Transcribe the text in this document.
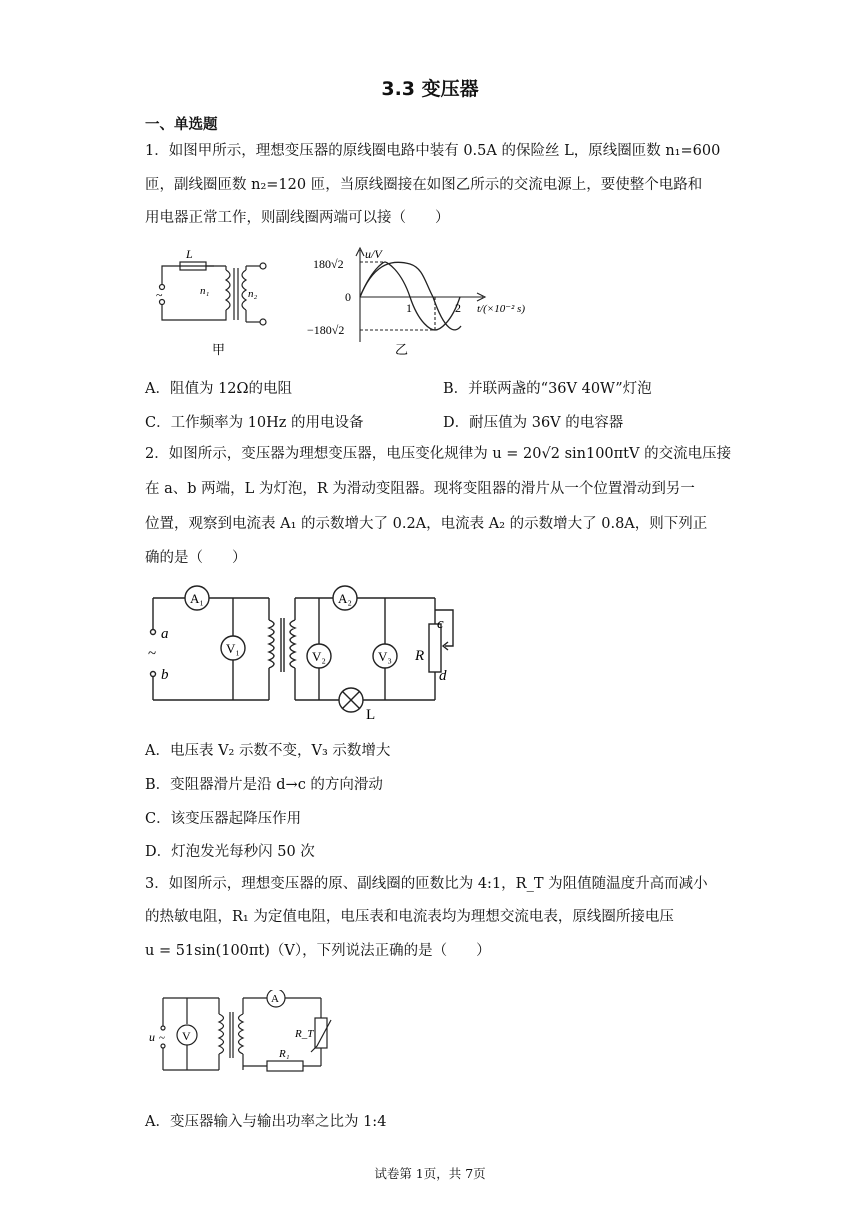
3.3 变压器
一、单选题
1．如图甲所示，理想变压器的原线圈电路中装有 0.5A 的保险丝 L，原线圈匝数 n₁=600
匝，副线圈匝数 n₂=120 匝，当原线圈接在如图乙所示的交流电源上，要使整个电路和
用电器正常工作，则副线圈两端可以接（　　）
L
n₁	n₂
~
甲
u/V
180√2
0
−180√2
1	2 t/(×10⁻² s)
乙
A．阻值为 12Ω的电阻	B．并联两盏的“36V 40W”灯泡
C．工作频率为 10Hz 的用电设备	D．耐压值为 36V 的电容器
2．如图所示，变压器为理想变压器，电压变化规律为 u = 20√2 sin100πtV 的交流电压接
在 a、b 两端，L 为灯泡，R 为滑动变阻器。现将变阻器的滑片从一个位置滑动到另一
位置，观察到电流表 A₁ 的示数增大了 0.2A，电流表 A₂ 的示数增大了 0.8A，则下列正
确的是（　　）
A₁
V₁
A₂
V₂	V₃
a
~
b
R
c
d
L
A．电压表 V₂ 示数不变，V₃ 示数增大
B．变阻器滑片是沿 d→c 的方向滑动
C．该变压器起降压作用
D．灯泡发光每秒闪 50 次
3．如图所示，理想变压器的原、副线圈的匝数比为 4:1，R_T 为阻值随温度升高而减小
的热敏电阻，R₁ 为定值电阻，电压表和电流表均为理想交流电表，原线圈所接电压
u = 51sin(100πt)（V），下列说法正确的是（　　）
u ~ V
A
R_T
R₁
A．变压器输入与输出功率之比为 1:4
试卷第 1页，共 7页
